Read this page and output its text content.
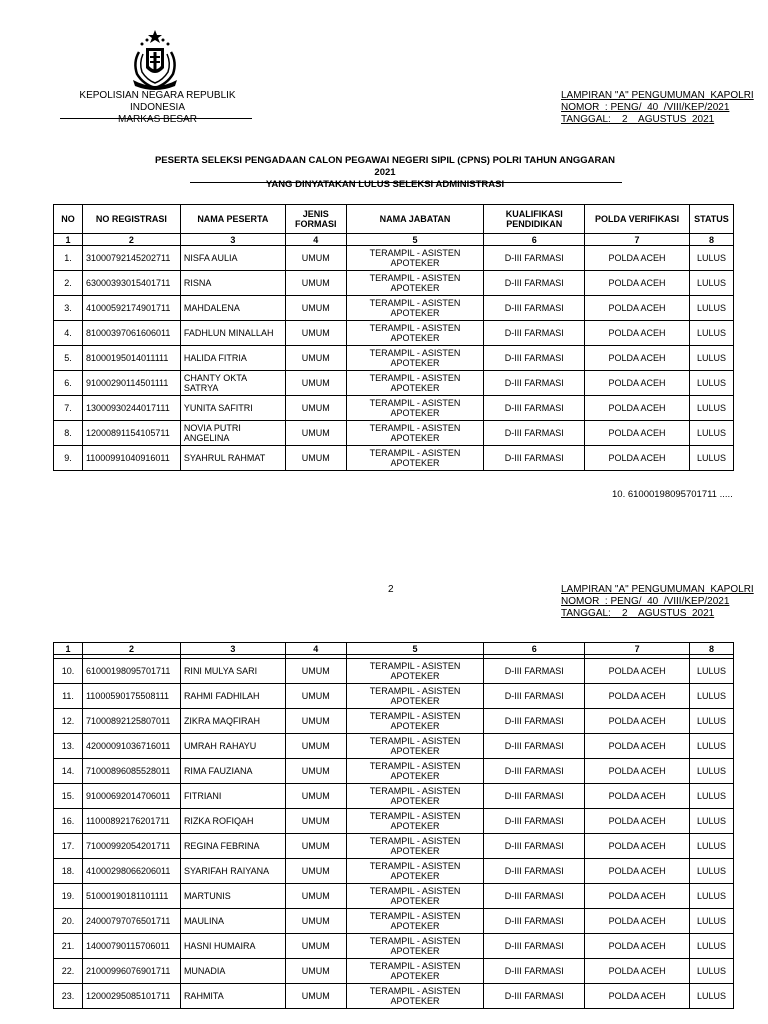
KEPOLISIAN NEGARA REPUBLIK INDONESIA
MARKAS BESAR
LAMPIRAN "A" PENGUMUMAN  KAPOLRI
NOMOR  : PENG/  40  /VIII/KEP/2021
TANGGAL:    2    AGUSTUS  2021
PESERTA SELEKSI PENGADAAN CALON PEGAWAI NEGERI SIPIL (CPNS) POLRI TAHUN ANGGARAN 2021
YANG DINYATAKAN LULUS SELEKSI ADMINISTRASI
NO	NO REGISTRASI	NAMA PESERTA	JENIS FORMASI	NAMA JABATAN	KUALIFIKASI PENDIDIKAN	POLDA VERIFIKASI	STATUS
1	2	3	4	5	6	7	8
1.	31000792145202711	NISFA AULIA	UMUM	TERAMPIL - ASISTEN APOTEKER	D-III FARMASI	POLDA ACEH	LULUS
2.	63000393015401711	RISNA	UMUM	TERAMPIL - ASISTEN APOTEKER	D-III FARMASI	POLDA ACEH	LULUS
3.	41000592174901711	MAHDALENA	UMUM	TERAMPIL - ASISTEN APOTEKER	D-III FARMASI	POLDA ACEH	LULUS
4.	81000397061606011	FADHLUN MINALLAH	UMUM	TERAMPIL - ASISTEN APOTEKER	D-III FARMASI	POLDA ACEH	LULUS
5.	81000195014011111	HALIDA FITRIA	UMUM	TERAMPIL - ASISTEN APOTEKER	D-III FARMASI	POLDA ACEH	LULUS
6.	91000290114501111	CHANTY OKTA SATRYA	UMUM	TERAMPIL - ASISTEN APOTEKER	D-III FARMASI	POLDA ACEH	LULUS
7.	13000930244017111	YUNITA SAFITRI	UMUM	TERAMPIL - ASISTEN APOTEKER	D-III FARMASI	POLDA ACEH	LULUS
8.	12000891154105711	NOVIA PUTRI ANGELINA	UMUM	TERAMPIL - ASISTEN APOTEKER	D-III FARMASI	POLDA ACEH	LULUS
9.	11000991040916011	SYAHRUL RAHMAT	UMUM	TERAMPIL - ASISTEN APOTEKER	D-III FARMASI	POLDA ACEH	LULUS
10. 61000198095701711 .....
2	LAMPIRAN "A" PENGUMUMAN  KAPOLRI
NOMOR  : PENG/  40  /VIII/KEP/2021
TANGGAL:    2    AGUSTUS  2021
1	2	3	4	5	6	7	8

10.	61000198095701711	RINI MULYA SARI	UMUM	TERAMPIL - ASISTEN APOTEKER	D-III FARMASI	POLDA ACEH	LULUS
11.	11000590175508111	RAHMI FADHILAH	UMUM	TERAMPIL - ASISTEN APOTEKER	D-III FARMASI	POLDA ACEH	LULUS
12.	71000892125807011	ZIKRA MAQFIRAH	UMUM	TERAMPIL - ASISTEN APOTEKER	D-III FARMASI	POLDA ACEH	LULUS
13.	42000091036716011	UMRAH RAHAYU	UMUM	TERAMPIL - ASISTEN APOTEKER	D-III FARMASI	POLDA ACEH	LULUS
14.	71000896085528011	RIMA FAUZIANA	UMUM	TERAMPIL - ASISTEN APOTEKER	D-III FARMASI	POLDA ACEH	LULUS
15.	91000692014706011	FITRIANI	UMUM	TERAMPIL - ASISTEN APOTEKER	D-III FARMASI	POLDA ACEH	LULUS
16.	11000892176201711	RIZKA ROFIQAH	UMUM	TERAMPIL - ASISTEN APOTEKER	D-III FARMASI	POLDA ACEH	LULUS
17.	71000992054201711	REGINA FEBRINA	UMUM	TERAMPIL - ASISTEN APOTEKER	D-III FARMASI	POLDA ACEH	LULUS
18.	41000298066206011	SYARIFAH RAIYANA	UMUM	TERAMPIL - ASISTEN APOTEKER	D-III FARMASI	POLDA ACEH	LULUS
19.	51000190181101111	MARTUNIS	UMUM	TERAMPIL - ASISTEN APOTEKER	D-III FARMASI	POLDA ACEH	LULUS
20.	24000797076501711	MAULINA	UMUM	TERAMPIL - ASISTEN APOTEKER	D-III FARMASI	POLDA ACEH	LULUS
21.	14000790115706011	HASNI HUMAIRA	UMUM	TERAMPIL - ASISTEN APOTEKER	D-III FARMASI	POLDA ACEH	LULUS
22.	21000996076901711	MUNADIA	UMUM	TERAMPIL - ASISTEN APOTEKER	D-III FARMASI	POLDA ACEH	LULUS
23.	12000295085101711	RAHMITA	UMUM	TERAMPIL - ASISTEN APOTEKER	D-III FARMASI	POLDA ACEH	LULUS
